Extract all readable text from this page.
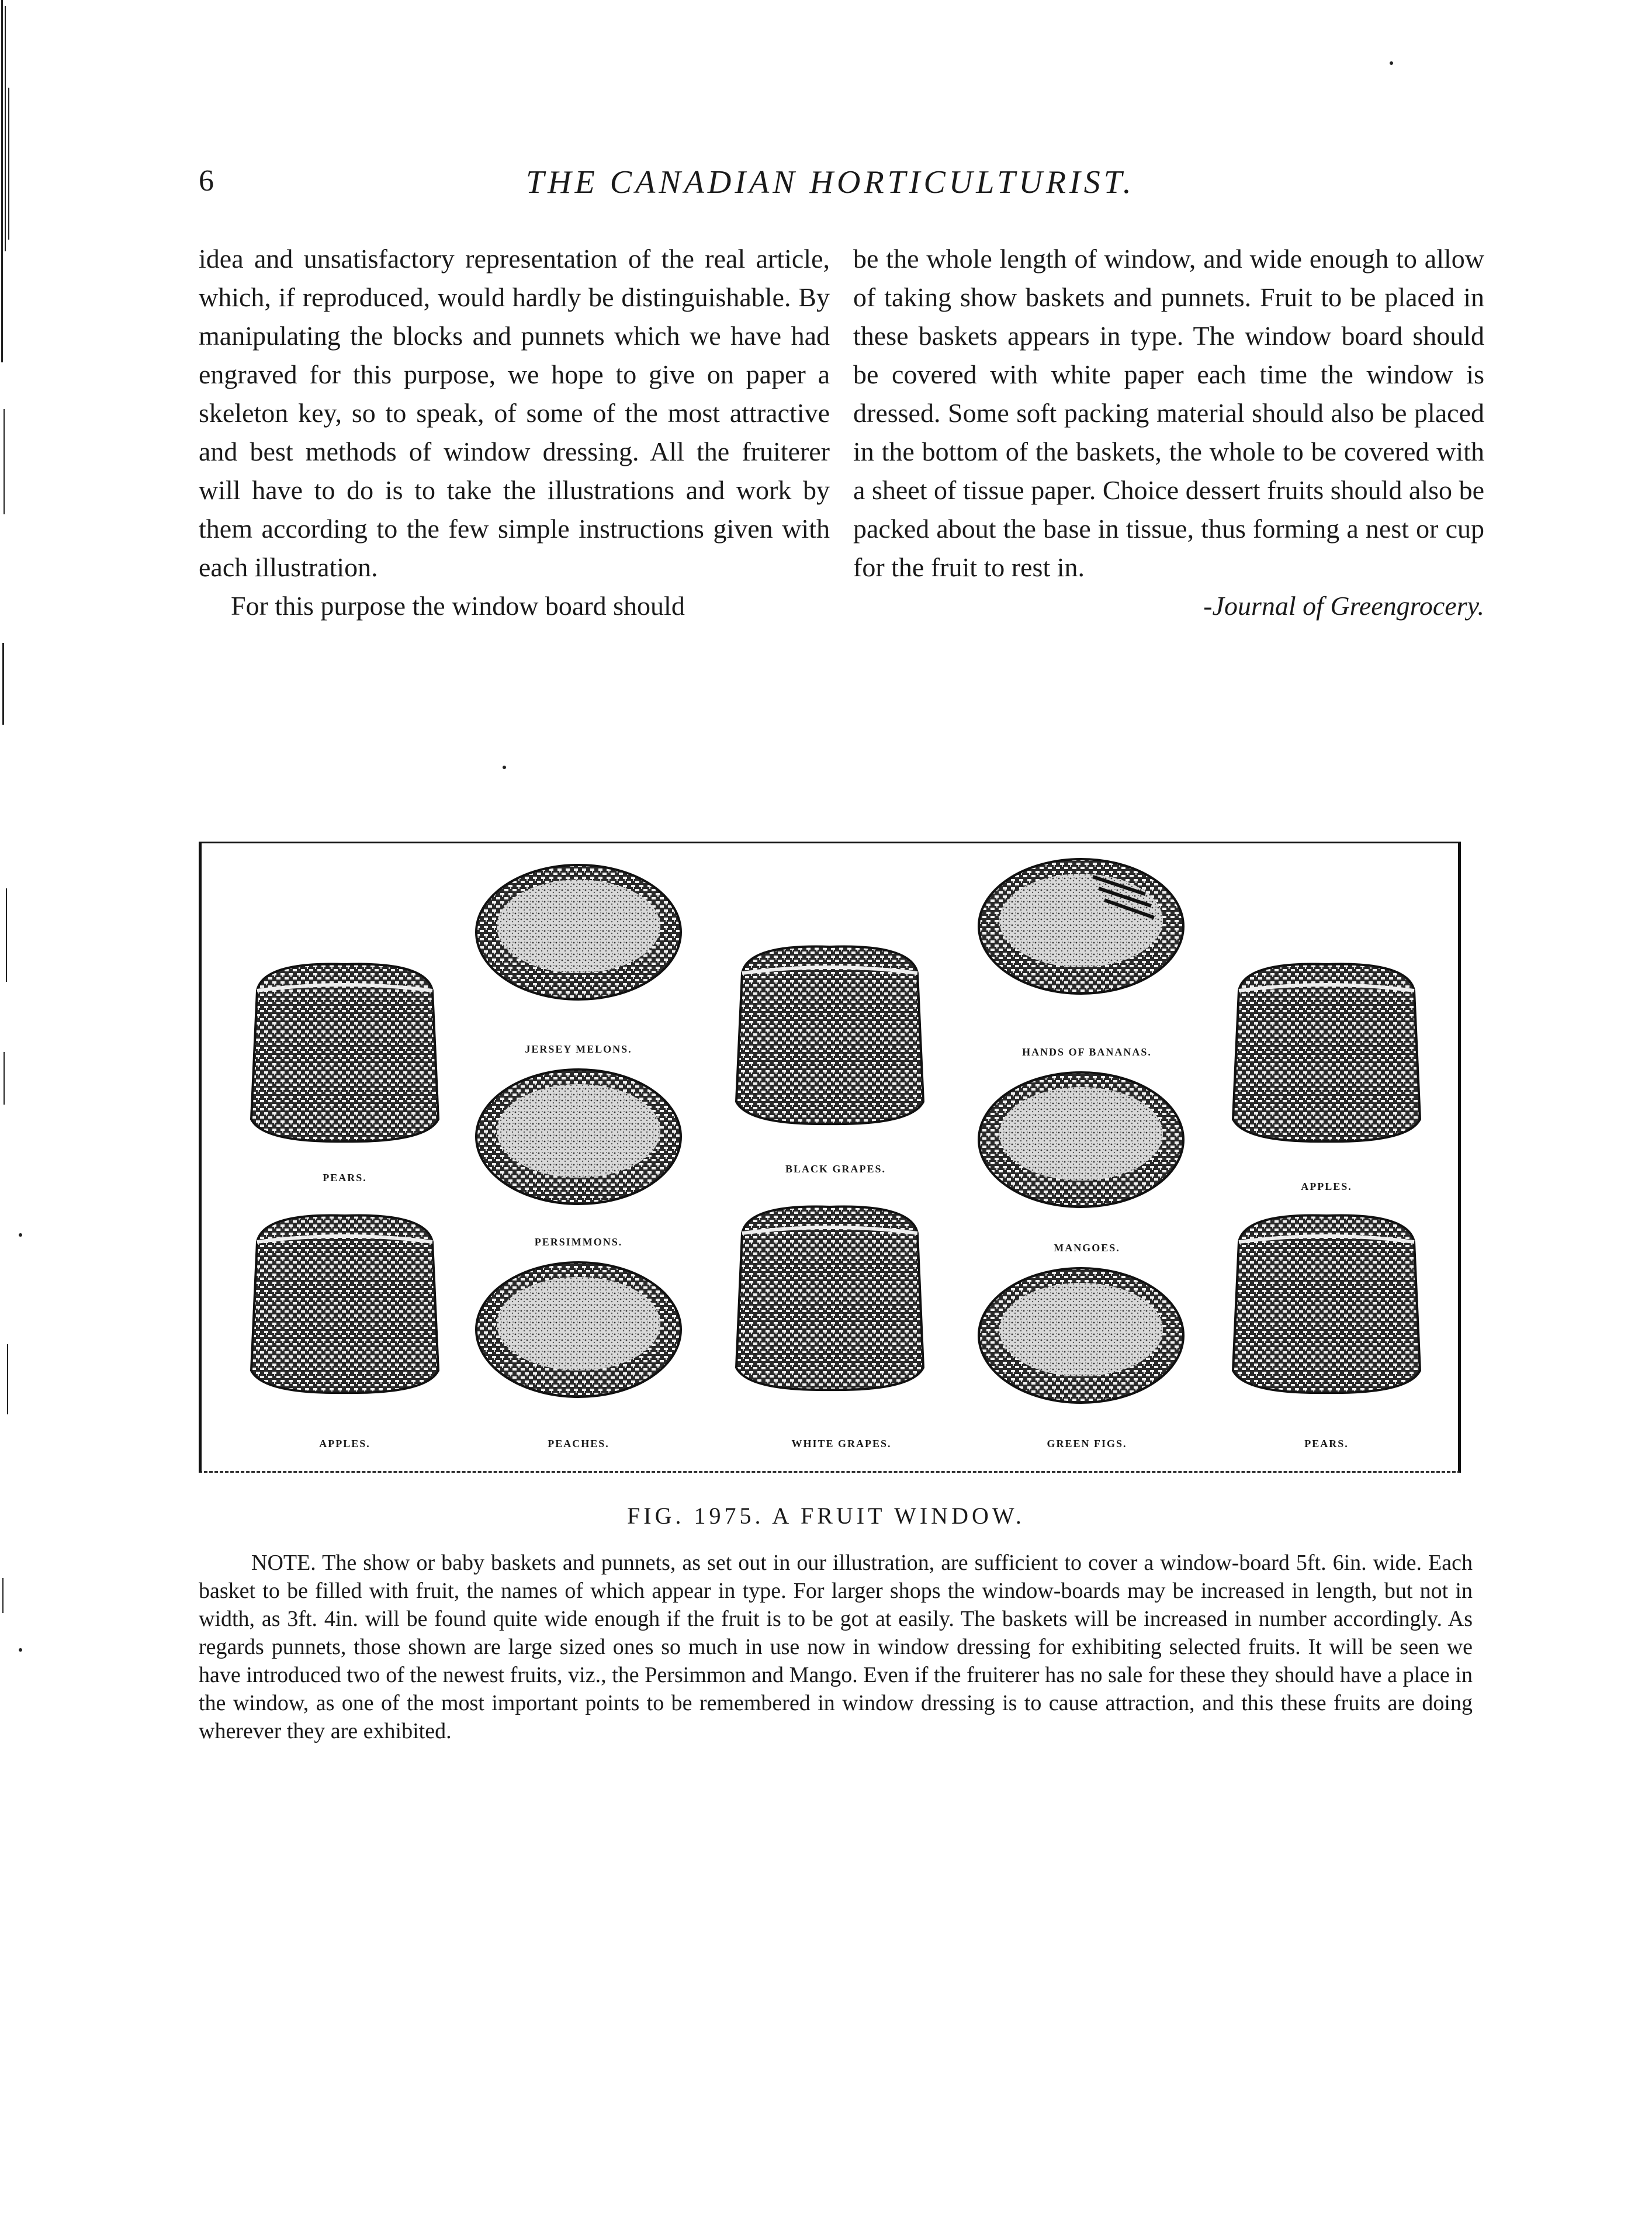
6	THE CANADIAN HORTICULTURIST.

idea and unsatisfactory representation of the real article, which, if reproduced, would hardly be distinguishable. By manipulating the blocks and punnets which we have had engraved for this purpose, we hope to give on paper a skeleton key, so to speak, of some of the most attractive and best methods of window dressing. All the fruiterer will have to do is to take the illustrations and work by them according to the few simple instructions given with each illustration.

For this purpose the window board should

be the whole length of window, and wide enough to allow of taking show baskets and punnets. Fruit to be placed in these baskets appears in type. The window board should be covered with white paper each time the window is dressed. Some soft packing material should also be placed in the bottom of the baskets, the whole to be covered with a sheet of tissue paper. Choice dessert fruits should also be packed about the base in tissue, thus forming a nest or cup for the fruit to rest in.

-Journal of Greengrocery.

PEARS.
APPLES.
JERSEY MELONS.
PERSIMMONS.
PEACHES.
BLACK GRAPES.
WHITE GRAPES.
HANDS OF BANANAS.
MANGOES.
GREEN FIGS.
APPLES.
PEARS.
FIG. 1975. A FRUIT WINDOW.

NOTE. The show or baby baskets and punnets, as set out in our illustration, are sufficient to cover a window-board 5ft. 6in. wide. Each basket to be filled with fruit, the names of which appear in type. For larger shops the window-boards may be increased in length, but not in width, as 3ft. 4in. will be found quite wide enough if the fruit is to be got at easily. The baskets will be increased in number accordingly. As regards punnets, those shown are large sized ones so much in use now in window dressing for exhibiting selected fruits. It will be seen we have introduced two of the newest fruits, viz., the Persimmon and Mango. Even if the fruiterer has no sale for these they should have a place in the window, as one of the most important points to be remembered in window dressing is to cause attraction, and this these fruits are doing wherever they are exhibited.
